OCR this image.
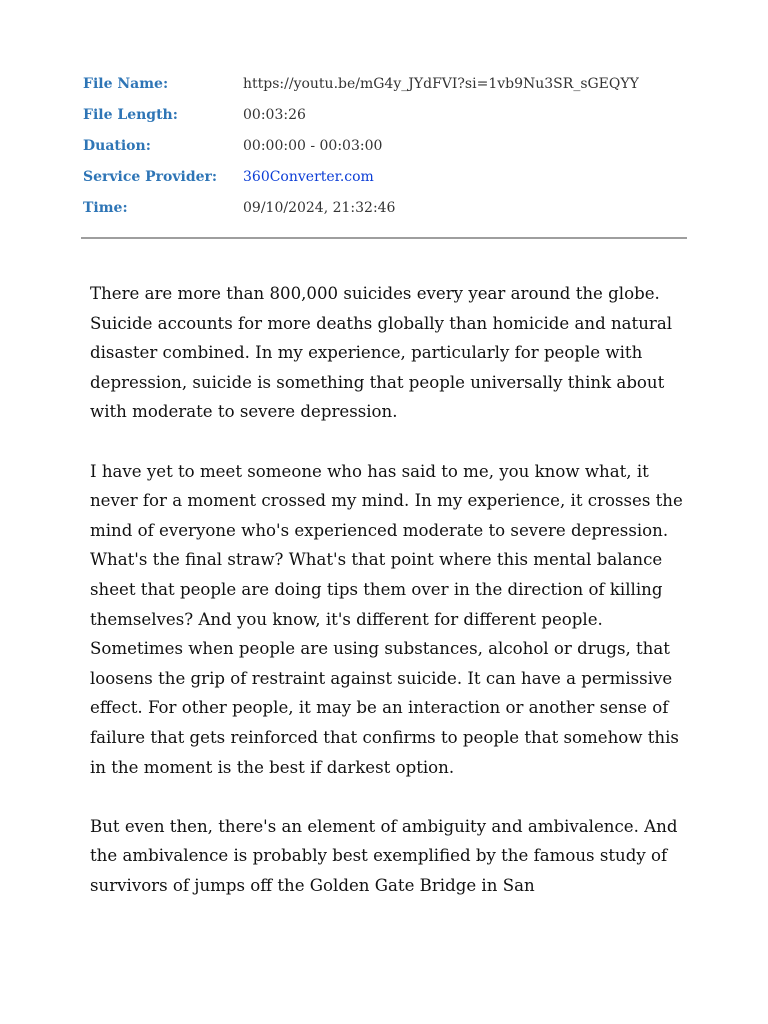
File Name:	https://youtu.be/mG4y_JYdFVI?si=1vb9Nu3SR_sGEQYY
File Length:	00:03:26
Duation:	00:00:00 - 00:03:00
Service Provider:	360Converter.com
Time:	09/10/2024, 21:32:46

There are more than 800,000 suicides every year around the globe. Suicide accounts for more deaths globally than homicide and natural disaster combined. In my experience, particularly for people with depression, suicide is something that people universally think about with moderate to severe depression.

I have yet to meet someone who has said to me, you know what, it never for a moment crossed my mind. In my experience, it crosses the mind of everyone who's experienced moderate to severe depression. What's the final straw? What's that point where this mental balance sheet that people are doing tips them over in the direction of killing themselves? And you know, it's different for different people. Sometimes when people are using substances, alcohol or drugs, that loosens the grip of restraint against suicide. It can have a permissive effect. For other people, it may be an interaction or another sense of failure that gets reinforced that confirms to people that somehow this in the moment is the best if darkest option.

But even then, there's an element of ambiguity and ambivalence. And the ambivalence is probably best exemplified by the famous study of survivors of jumps off the Golden Gate Bridge in San
